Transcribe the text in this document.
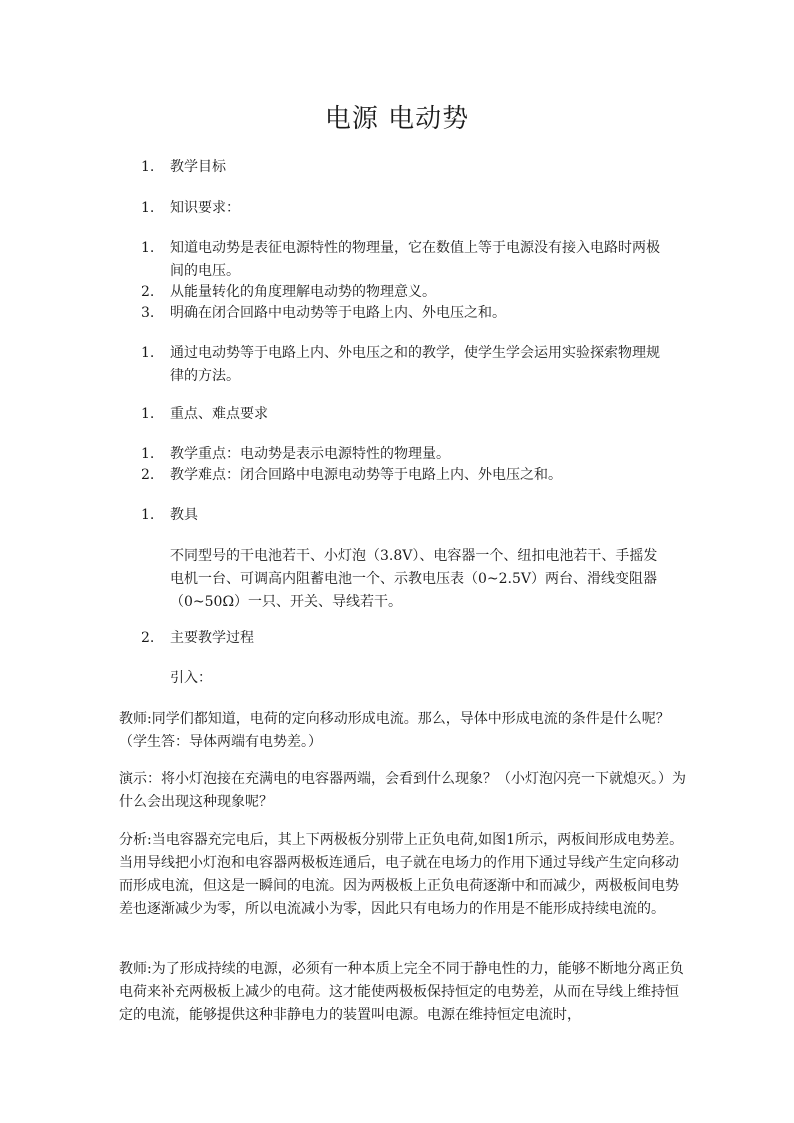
电源 电动势
1.	教学目标
1.	知识要求：
1.	知道电动势是表征电源特性的物理量，它在数值上等于电源没有接入电路时两极间的电压。
2.	从能量转化的角度理解电动势的物理意义。
3.	明确在闭合回路中电动势等于电路上内、外电压之和。
1.	通过电动势等于电路上内、外电压之和的教学，使学生学会运用实验探索物理规律的方法。
1.	重点、难点要求
1.	教学重点：电动势是表示电源特性的物理量。
2.	教学难点：闭合回路中电源电动势等于电路上内、外电压之和。
1.	教具
不同型号的干电池若干、小灯泡（3.8V）、电容器一个、纽扣电池若干、手摇发电机一台、可调高内阻蓄电池一个、示教电压表（0~2.5V）两台、滑线变阻器（0~50Ω）一只、开关、导线若干。
2.	主要教学过程
引入：
教师:同学们都知道，电荷的定向移动形成电流。那么，导体中形成电流的条件是什么呢？（学生答：导体两端有电势差。）
演示：将小灯泡接在充满电的电容器两端，会看到什么现象？（小灯泡闪亮一下就熄灭。）为什么会出现这种现象呢？
分析:当电容器充完电后，其上下两极板分别带上正负电荷,如图1所示，两板间形成电势差。当用导线把小灯泡和电容器两极板连通后，电子就在电场力的作用下通过导线产生定向移动而形成电流，但这是一瞬间的电流。因为两极板上正负电荷逐渐中和而减少，两极板间电势差也逐渐减少为零，所以电流减小为零，因此只有电场力的作用是不能形成持续电流的。
教师:为了形成持续的电源，必须有一种本质上完全不同于静电性的力，能够不断地分离正负电荷来补充两极板上减少的电荷。这才能使两极板保持恒定的电势差，从而在导线上维持恒定的电流，能够提供这种非静电力的装置叫电源。电源在维持恒定电流时，
